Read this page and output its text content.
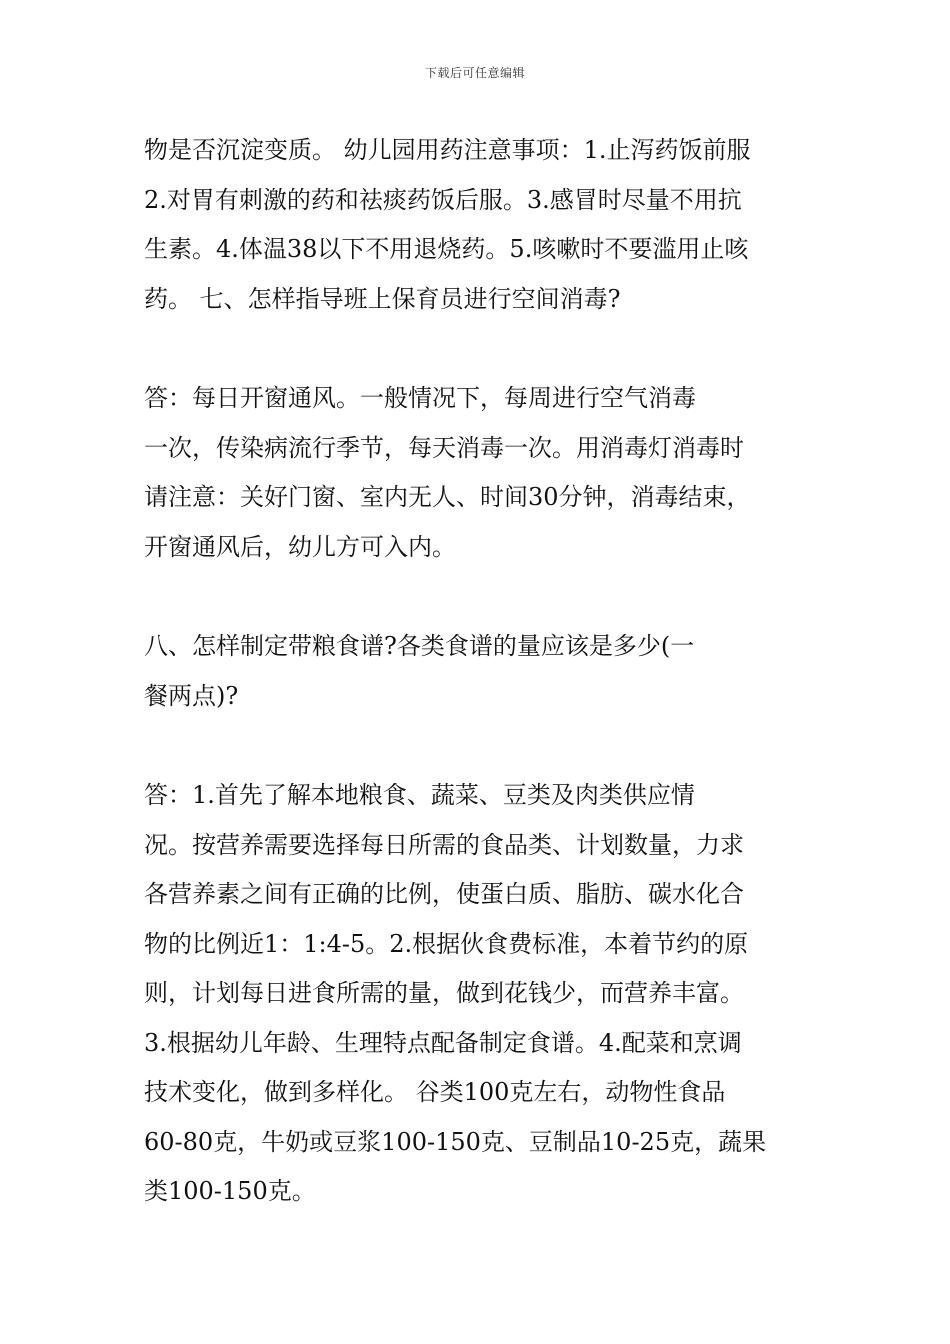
下载后可任意编辑
物是否沉淀变质。 幼儿园用药注意事项：1.止泻药饭前服
2.对胃有刺激的药和祛痰药饭后服。3.感冒时尽量不用抗
生素。4.体温38以下不用退烧药。5.咳嗽时不要滥用止咳
药。 七、怎样指导班上保育员进行空间消毒?
答：每日开窗通风。一般情况下，每周进行空气消毒
一次，传染病流行季节，每天消毒一次。用消毒灯消毒时
请注意：关好门窗、室内无人、时间30分钟，消毒结束，
开窗通风后，幼儿方可入内。
八、怎样制定带粮食谱?各类食谱的量应该是多少(一
餐两点)?
答：1.首先了解本地粮食、蔬菜、豆类及肉类供应情
况。按营养需要选择每日所需的食品类、计划数量，力求
各营养素之间有正确的比例，使蛋白质、脂肪、碳水化合
物的比例近1：1:4-5。2.根据伙食费标准，本着节约的原
则，计划每日进食所需的量，做到花钱少，而营养丰富。
3.根据幼儿年龄、生理特点配备制定食谱。4.配菜和烹调
技术变化，做到多样化。 谷类100克左右，动物性食品
60-80克，牛奶或豆浆100-150克、豆制品10-25克，蔬果
类100-150克。
